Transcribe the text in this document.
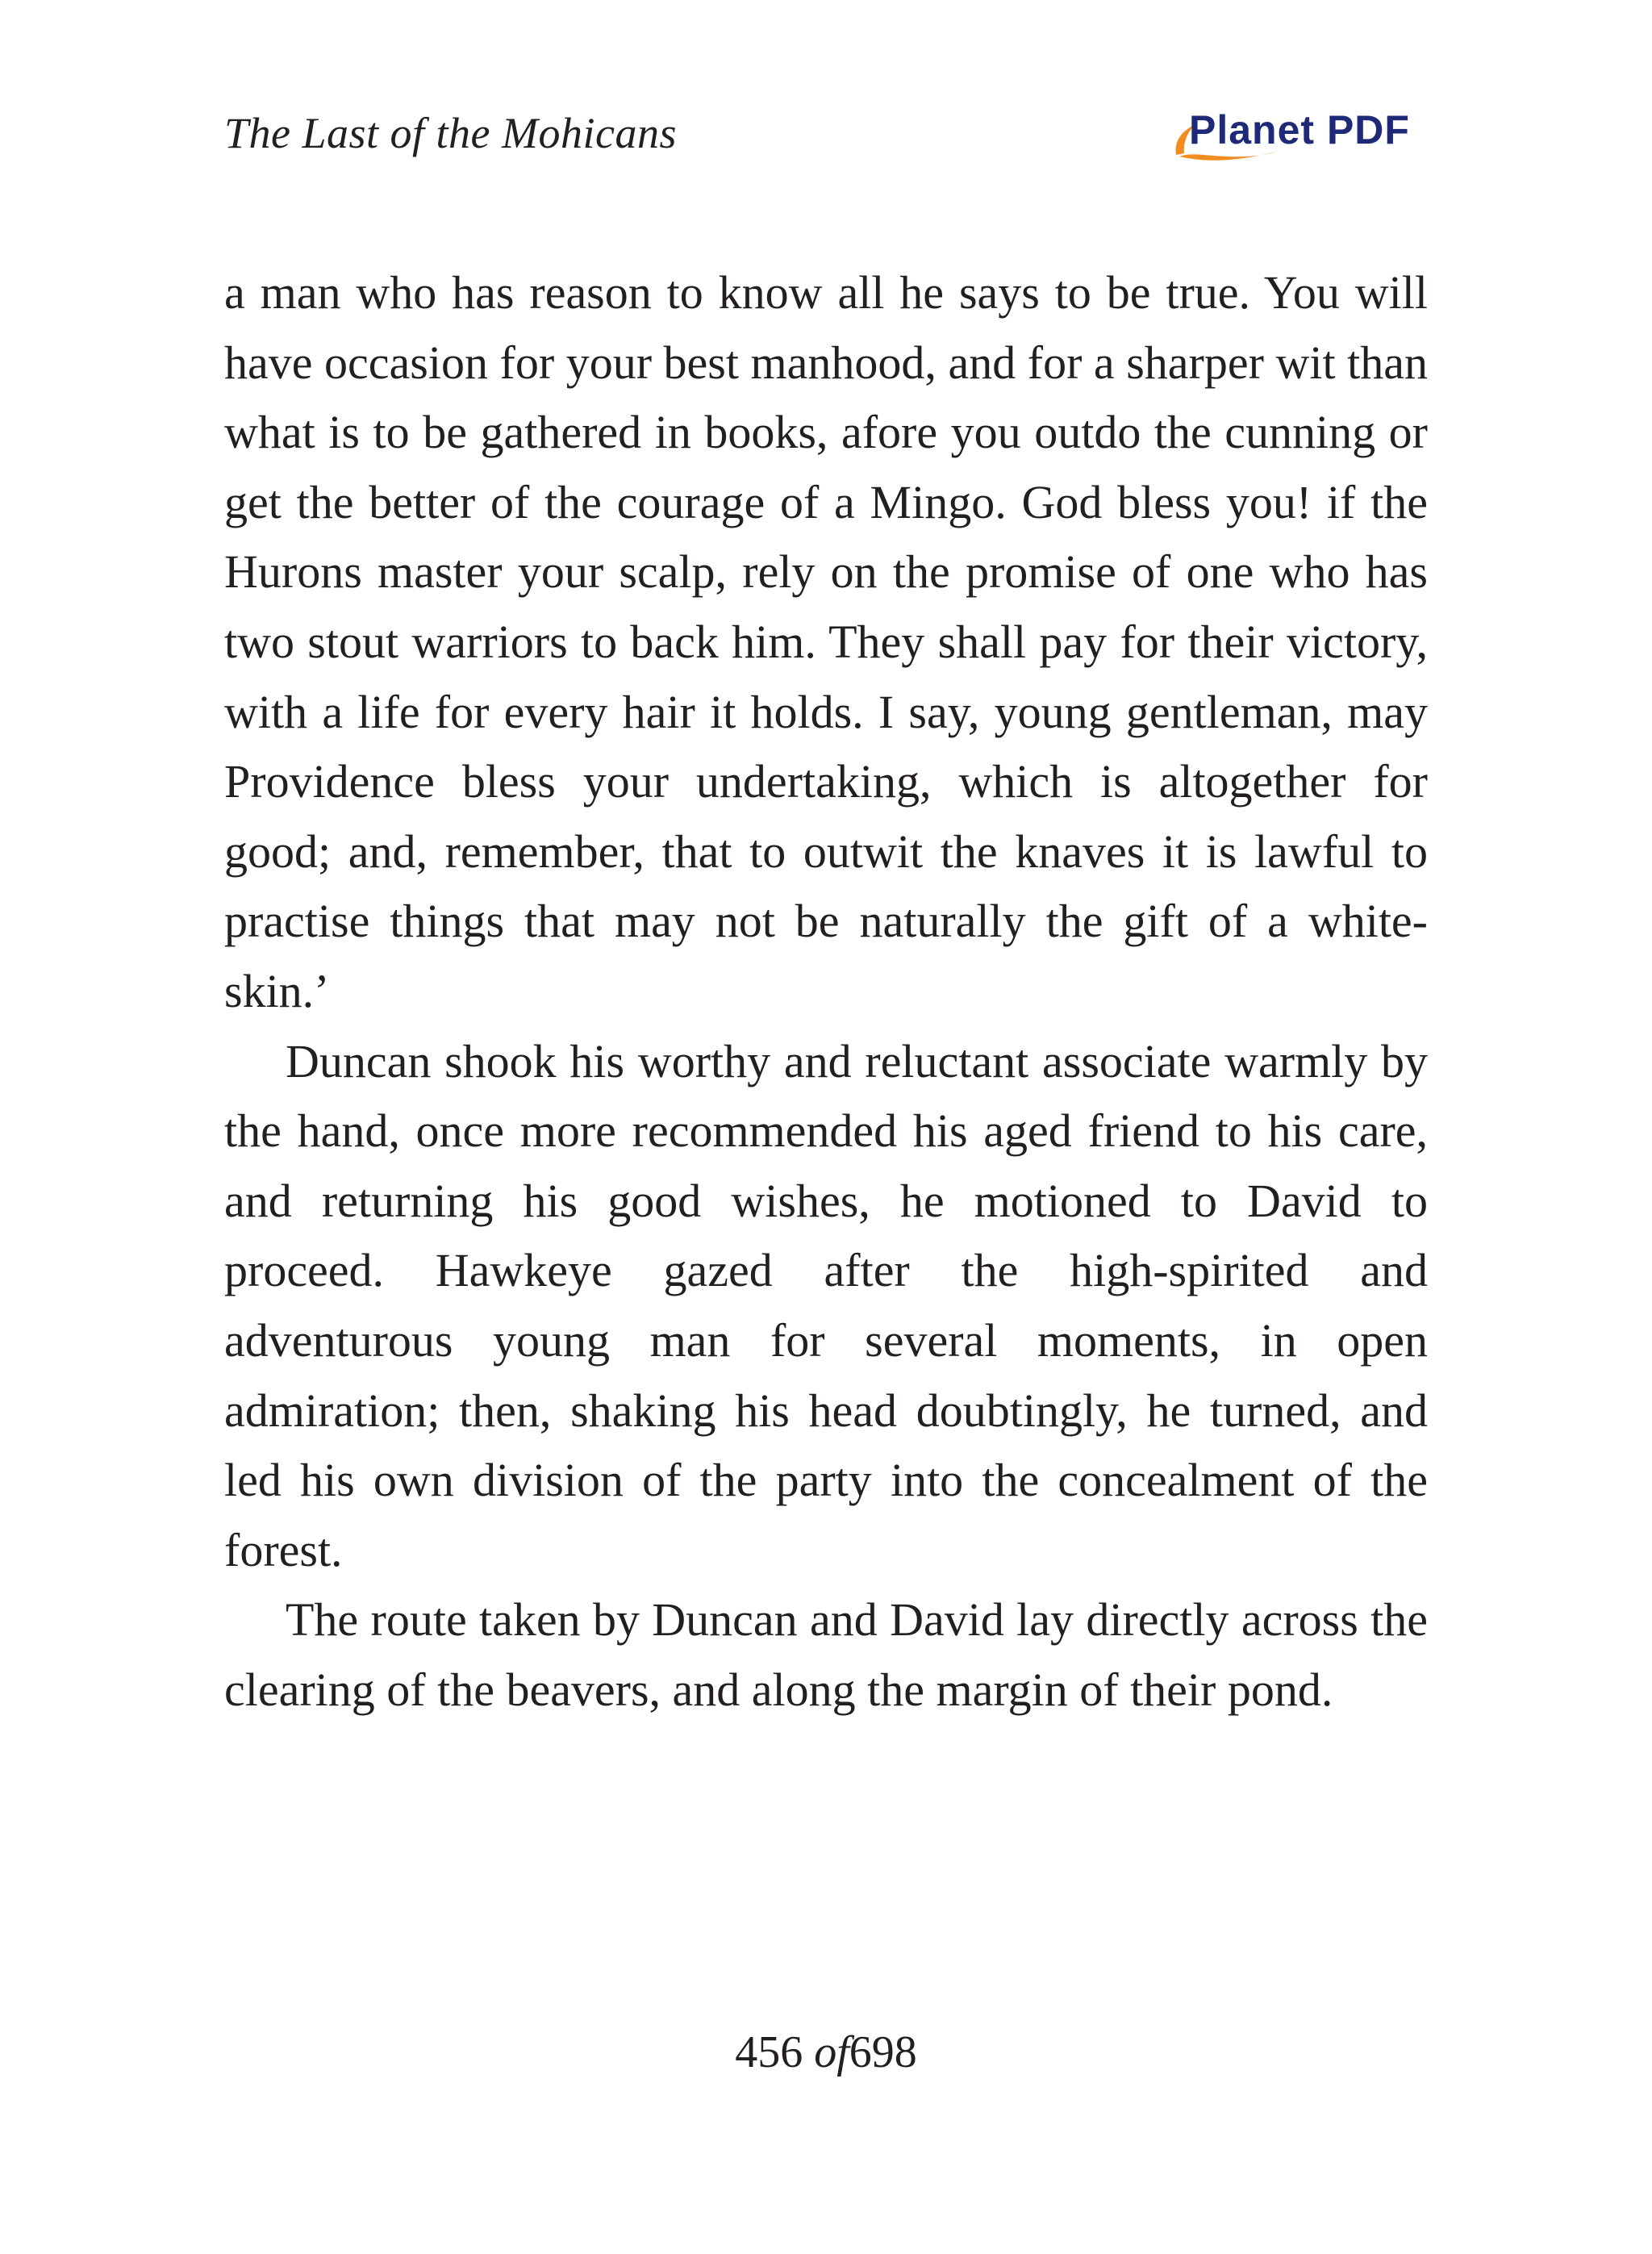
The Last of the Mohicans	Planet PDF

a man who has reason to know all he says to be true. You will have occasion for your best manhood, and for a sharper wit than what is to be gathered in books, afore you outdo the cunning or get the better of the courage of a Mingo. God bless you! if the Hurons master your scalp, rely on the promise of one who has two stout warriors to back him. They shall pay for their victory, with a life for every hair it holds. I say, young gentleman, may Providence bless your undertaking, which is altogether for good; and, remember, that to outwit the knaves it is lawful to practise things that may not be naturally the gift of a white-skin.’

Duncan shook his worthy and reluctant associate warmly by the hand, once more recommended his aged friend to his care, and returning his good wishes, he motioned to David to proceed. Hawkeye gazed after the high-spirited and adventurous young man for several moments, in open admiration; then, shaking his head doubtingly, he turned, and led his own division of the party into the concealment of the forest.

The route taken by Duncan and David lay directly across the clearing of the beavers, and along the margin of their pond.

456 of698
